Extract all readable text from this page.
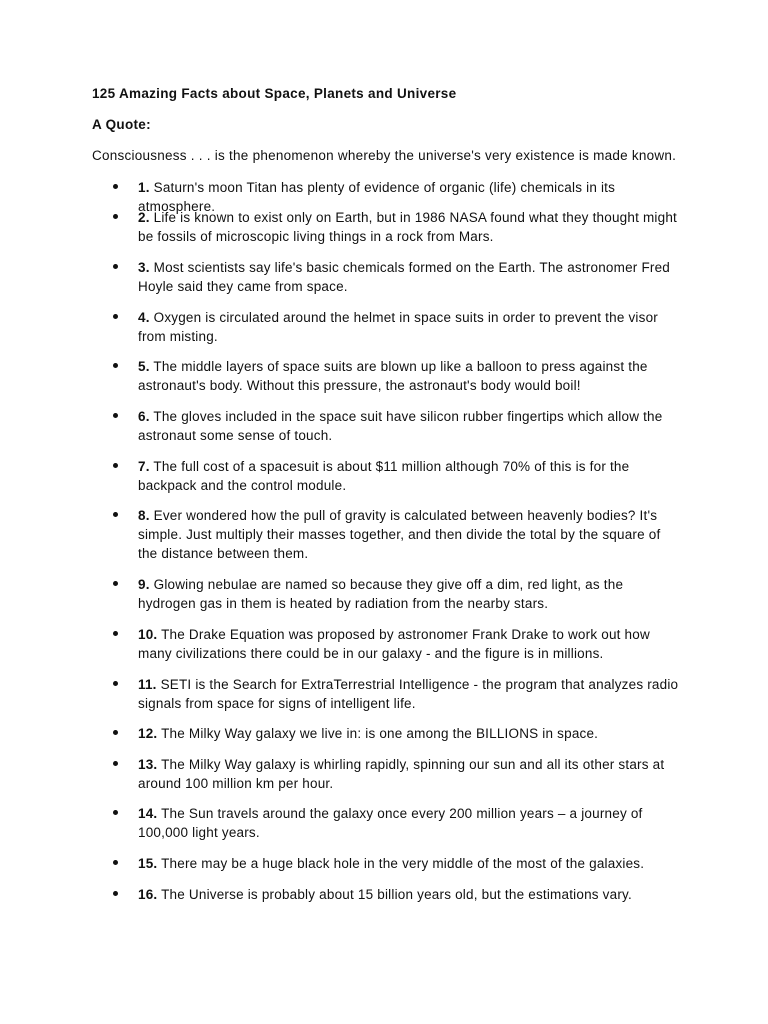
125 Amazing Facts about Space, Planets and Universe
A Quote:
Consciousness . . . is the phenomenon whereby the universe's very existence is made known.
1. Saturn's moon Titan has plenty of evidence of organic (life) chemicals in its atmosphere.
2. Life is known to exist only on Earth, but in 1986 NASA found what they thought might be fossils of microscopic living things in a rock from Mars.
3. Most scientists say life's basic chemicals formed on the Earth. The astronomer Fred Hoyle said they came from space.
4. Oxygen is circulated around the helmet in space suits in order to prevent the visor from misting.
5. The middle layers of space suits are blown up like a balloon to press against the astronaut's body. Without this pressure, the astronaut's body would boil!
6. The gloves included in the space suit have silicon rubber fingertips which allow the astronaut some sense of touch.
7. The full cost of a spacesuit is about $11 million although 70% of this is for the backpack and the control module.
8. Ever wondered how the pull of gravity is calculated between heavenly bodies? It's simple. Just multiply their masses together, and then divide the total by the square of the distance between them.
9. Glowing nebulae are named so because they give off a dim, red light, as the hydrogen gas in them is heated by radiation from the nearby stars.
10. The Drake Equation was proposed by astronomer Frank Drake to work out how many civilizations there could be in our galaxy - and the figure is in millions.
11. SETI is the Search for ExtraTerrestrial Intelligence - the program that analyzes radio signals from space for signs of intelligent life.
12. The Milky Way galaxy we live in: is one among the BILLIONS in space.
13. The Milky Way galaxy is whirling rapidly, spinning our sun and all its other stars at around 100 million km per hour.
14. The Sun travels around the galaxy once every 200 million years – a journey of 100,000 light years.
15. There may be a huge black hole in the very middle of the most of the galaxies.
16. The Universe is probably about 15 billion years old, but the estimations vary.
